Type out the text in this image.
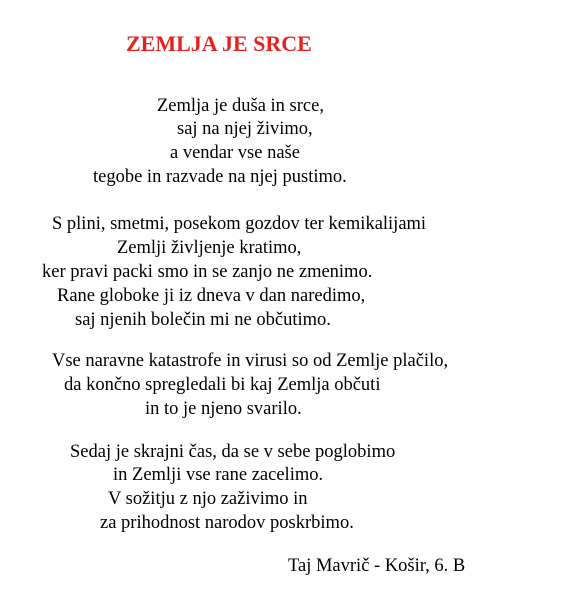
ZEMLJA JE SRCE

Zemlja je duša in srce,

saj na njej živimo,

a vendar vse naše

tegobe in razvade na njej pustimo.

S plini, smetmi, posekom gozdov ter kemikalijami

Zemlji življenje kratimo,

ker pravi packi smo in se zanjo ne zmenimo.

Rane globoke ji iz dneva v dan naredimo,

saj njenih bolečin mi ne občutimo.

Vse naravne katastrofe in virusi so od Zemlje plačilo,

da končno spregledali bi kaj Zemlja občuti

in to je njeno svarilo.

Sedaj je skrajni čas, da se v sebe poglobimo

in Zemlji vse rane zacelimo.

V sožitju z njo zaživimo in

za prihodnost narodov poskrbimo.

Taj Mavrič - Košir, 6. B
